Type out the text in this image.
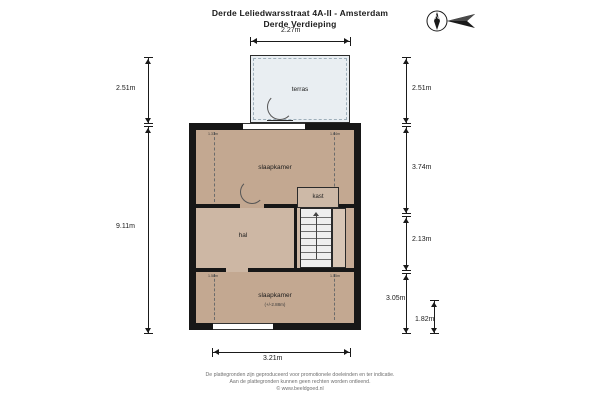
Derde Leliedwarsstraat 4A-II - Amsterdam
Derde Verdieping
N
terras
slaapkamer
1.33m	1.64m
hal
kast
slaapkamer
(+/-2.88m)
1.58m	1.55m
2.51m
9.11m
2.27m
3.21m
2.51m
3.74m
2.13m
3.05m
1.82m
De plattegronden zijn geproduceerd voor promotionele doeleinden en ter indicatie.
Aan de plattegronden kunnen geen rechten worden ontleend.
© www.beeldgoed.nl
